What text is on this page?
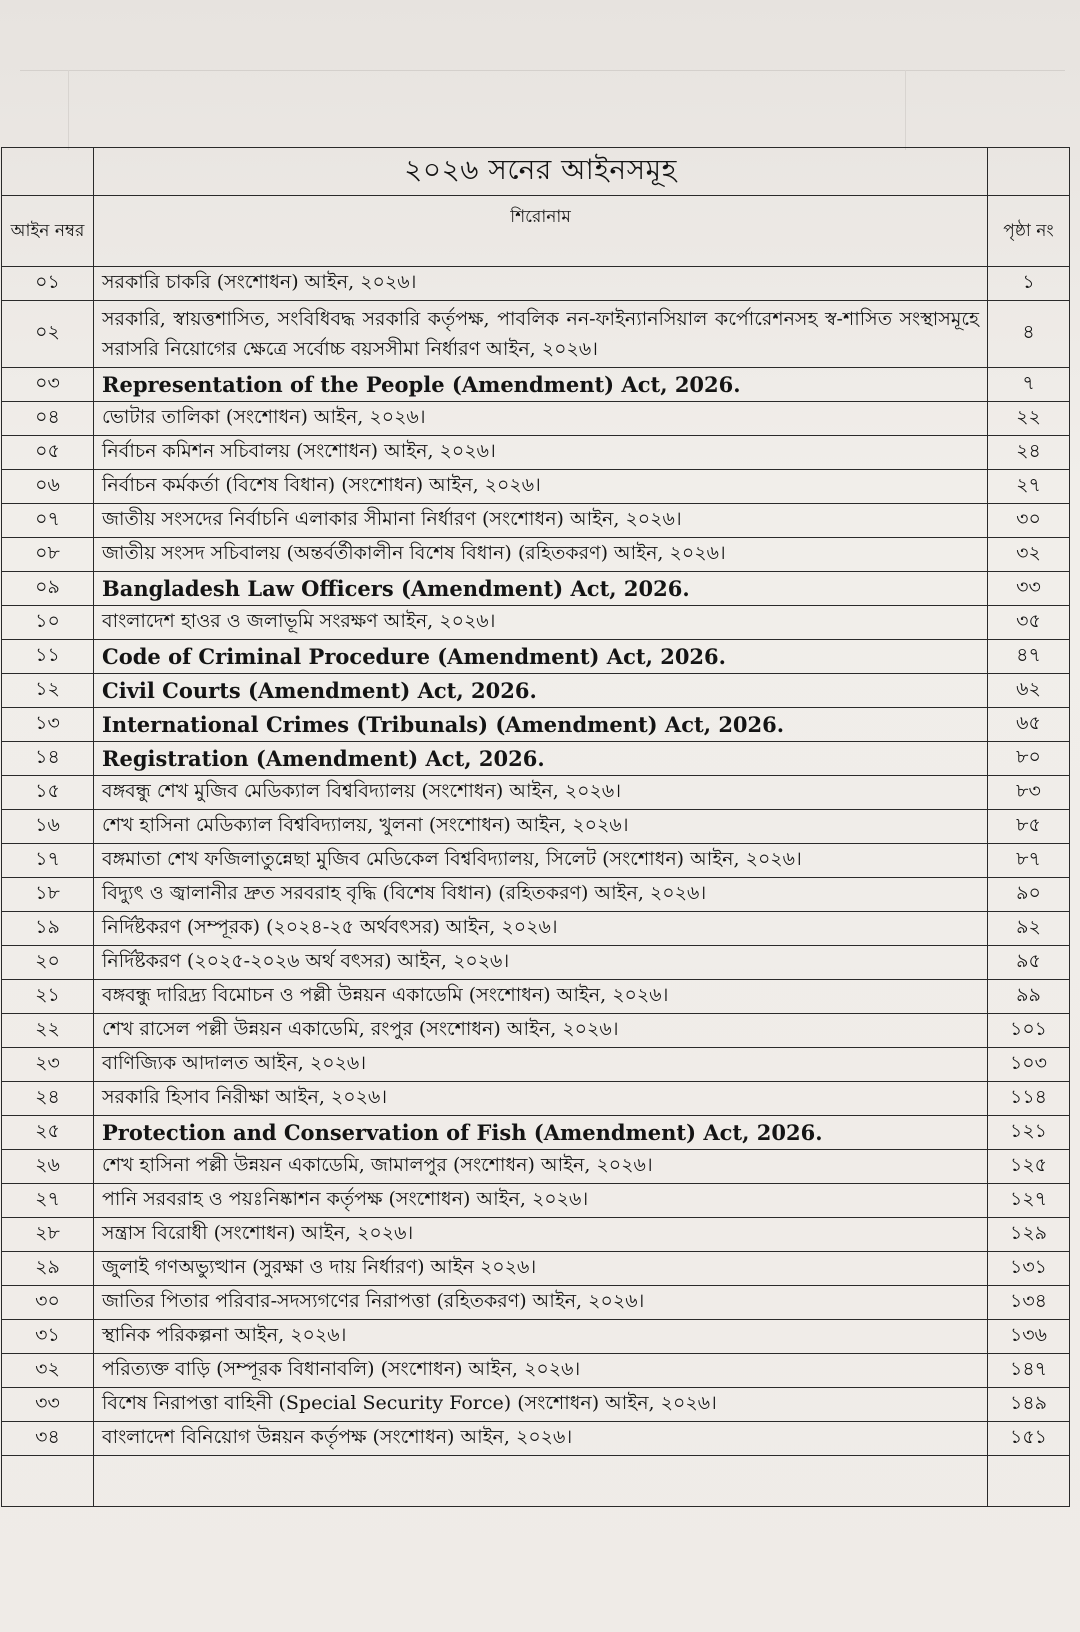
	২০২৬ সনের আইনসমূহ	
আইন নম্বর	শিরোনাম	পৃষ্ঠা নং
০১	সরকারি চাকরি (সংশোধন) আইন, ২০২৬।	১
০২	সরকারি, স্বায়ত্তশাসিত, সংবিধিবদ্ধ সরকারি কর্তৃপক্ষ, পাবলিক নন-ফাইন্যানসিয়াল কর্পোরেশনসহ স্ব-শাসিত সংস্থাসমূহে সরাসরি নিয়োগের ক্ষেত্রে সর্বোচ্চ বয়সসীমা নির্ধারণ আইন, ২০২৬।	৪
০৩	Representation of the People (Amendment) Act, 2026.	৭
০৪	ভোটার তালিকা (সংশোধন) আইন, ২০২৬।	২২
০৫	নির্বাচন কমিশন সচিবালয় (সংশোধন) আইন, ২০২৬।	২৪
০৬	নির্বাচন কর্মকর্তা (বিশেষ বিধান) (সংশোধন) আইন, ২০২৬।	২৭
০৭	জাতীয় সংসদের নির্বাচনি এলাকার সীমানা নির্ধারণ (সংশোধন) আইন, ২০২৬।	৩০
০৮	জাতীয় সংসদ সচিবালয় (অন্তর্বর্তীকালীন বিশেষ বিধান) (রহিতকরণ) আইন, ২০২৬।	৩২
০৯	Bangladesh Law Officers (Amendment) Act, 2026.	৩৩
১০	বাংলাদেশ হাওর ও জলাভূমি সংরক্ষণ আইন, ২০২৬।	৩৫
১১	Code of Criminal Procedure (Amendment) Act, 2026.	৪৭
১২	Civil Courts (Amendment) Act, 2026.	৬২
১৩	International Crimes (Tribunals) (Amendment) Act, 2026.	৬৫
১৪	Registration (Amendment) Act, 2026.	৮০
১৫	বঙ্গবন্ধু শেখ মুজিব মেডিক্যাল বিশ্ববিদ্যালয় (সংশোধন) আইন, ২০২৬।	৮৩
১৬	শেখ হাসিনা মেডিক্যাল বিশ্ববিদ্যালয়, খুলনা (সংশোধন) আইন, ২০২৬।	৮৫
১৭	বঙ্গমাতা শেখ ফজিলাতুন্নেছা মুজিব মেডিকেল বিশ্ববিদ্যালয়, সিলেট (সংশোধন) আইন, ২০২৬।	৮৭
১৮	বিদ্যুৎ ও জ্বালানীর দ্রুত সরবরাহ বৃদ্ধি (বিশেষ বিধান) (রহিতকরণ) আইন, ২০২৬।	৯০
১৯	নির্দিষ্টকরণ (সম্পূরক) (২০২৪-২৫ অর্থবৎসর) আইন, ২০২৬।	৯২
২০	নির্দিষ্টকরণ (২০২৫-২০২৬ অর্থ বৎসর) আইন, ২০২৬।	৯৫
২১	বঙ্গবন্ধু দারিদ্র্য বিমোচন ও পল্লী উন্নয়ন একাডেমি (সংশোধন) আইন, ২০২৬।	৯৯
২২	শেখ রাসেল পল্লী উন্নয়ন একাডেমি, রংপুর (সংশোধন) আইন, ২০২৬।	১০১
২৩	বাণিজ্যিক আদালত আইন, ২০২৬।	১০৩
২৪	সরকারি হিসাব নিরীক্ষা আইন, ২০২৬।	১১৪
২৫	Protection and Conservation of Fish (Amendment) Act, 2026.	১২১
২৬	শেখ হাসিনা পল্লী উন্নয়ন একাডেমি, জামালপুর (সংশোধন) আইন, ২০২৬।	১২৫
২৭	পানি সরবরাহ ও পয়ঃনিষ্কাশন কর্তৃপক্ষ (সংশোধন) আইন, ২০২৬।	১২৭
২৮	সন্ত্রাস বিরোধী (সংশোধন) আইন, ২০২৬।	১২৯
২৯	জুলাই গণঅভ্যুত্থান (সুরক্ষা ও দায় নির্ধারণ) আইন ২০২৬।	১৩১
৩০	জাতির পিতার পরিবার-সদস্যগণের নিরাপত্তা (রহিতকরণ) আইন, ২০২৬।	১৩৪
৩১	স্থানিক পরিকল্পনা আইন, ২০২৬।	১৩৬
৩২	পরিত্যক্ত বাড়ি (সম্পূরক বিধানাবলি) (সংশোধন) আইন, ২০২৬।	১৪৭
৩৩	বিশেষ নিরাপত্তা বাহিনী (Special Security Force) (সংশোধন) আইন, ২০২৬।	১৪৯
৩৪	বাংলাদেশ বিনিয়োগ উন্নয়ন কর্তৃপক্ষ (সংশোধন) আইন, ২০২৬।	১৫১
